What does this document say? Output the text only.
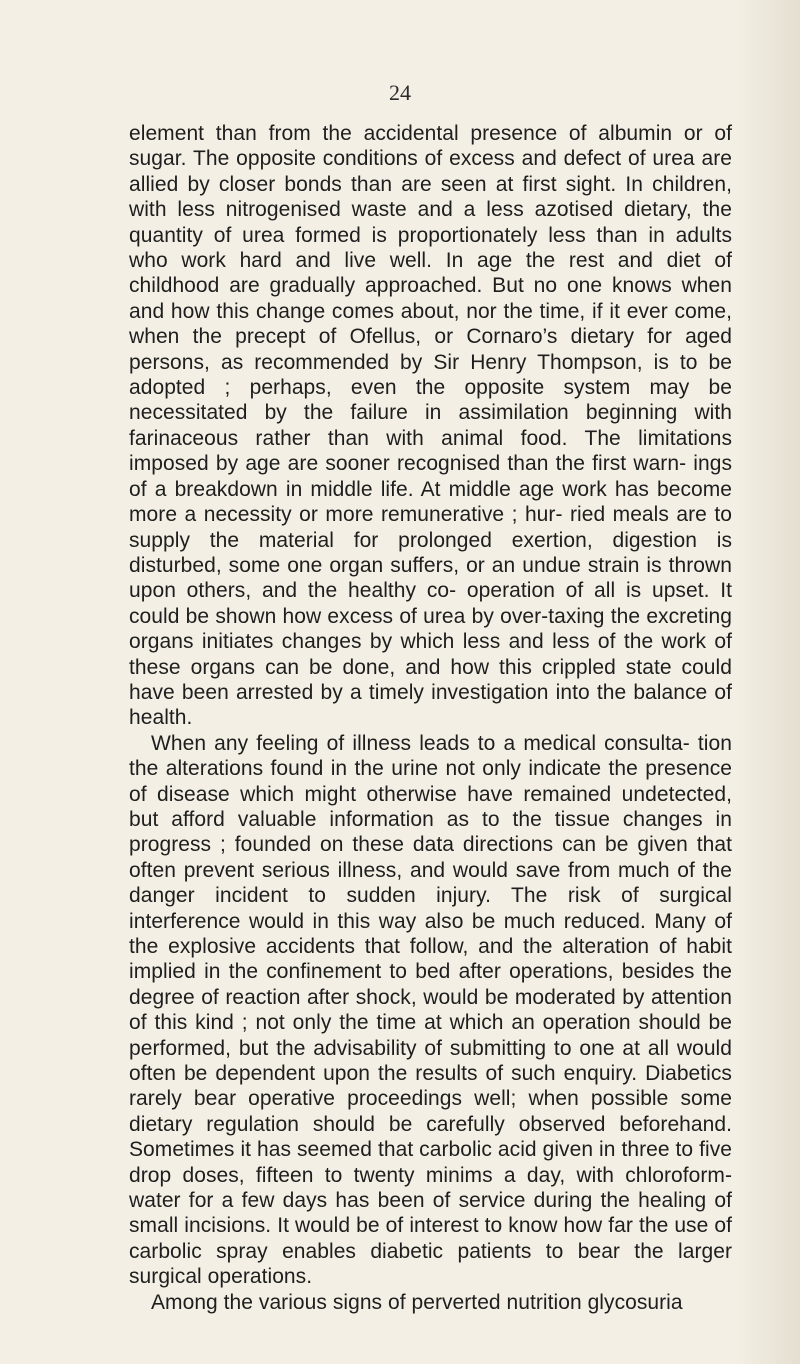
24

element than from the accidental presence of albumin or of sugar. The opposite conditions of excess and defect of urea are allied by closer bonds than are seen at first sight. In children, with less nitrogenised waste and a less azotised dietary, the quantity of urea formed is proportionately less than in adults who work hard and live well. In age the rest and diet of childhood are gradually approached. But no one knows when and how this change comes about, nor the time, if it ever come, when the precept of Ofellus, or Cornaro’s dietary for aged persons, as recommended by Sir Henry Thompson, is to be adopted ; perhaps, even the opposite system may be necessitated by the failure in assimilation beginning with farinaceous rather than with animal food. The limitations imposed by age are sooner recognised than the first warn- ings of a breakdown in middle life. At middle age work has become more a necessity or more remunerative ; hur- ried meals are to supply the material for prolonged exertion, digestion is disturbed, some one organ suffers, or an undue strain is thrown upon others, and the healthy co- operation of all is upset. It could be shown how excess of urea by over-taxing the excreting organs initiates changes by which less and less of the work of these organs can be done, and how this crippled state could have been arrested by a timely investigation into the balance of health.

When any feeling of illness leads to a medical consulta- tion the alterations found in the urine not only indicate the presence of disease which might otherwise have remained undetected, but afford valuable information as to the tissue changes in progress ; founded on these data directions can be given that often prevent serious illness, and would save from much of the danger incident to sudden injury. The risk of surgical interference would in this way also be much reduced. Many of the explosive accidents that follow, and the alteration of habit implied in the confinement to bed after operations, besides the degree of reaction after shock, would be moderated by attention of this kind ; not only the time at which an operation should be performed, but the advisability of submitting to one at all would often be dependent upon the results of such enquiry. Diabetics rarely bear operative proceedings well; when possible some dietary regulation should be carefully observed beforehand. Sometimes it has seemed that carbolic acid given in three to five drop doses, fifteen to twenty minims a day, with chloroform-water for a few days has been of service during the healing of small incisions. It would be of interest to know how far the use of carbolic spray enables diabetic patients to bear the larger surgical operations.

Among the various signs of perverted nutrition glycosuria
